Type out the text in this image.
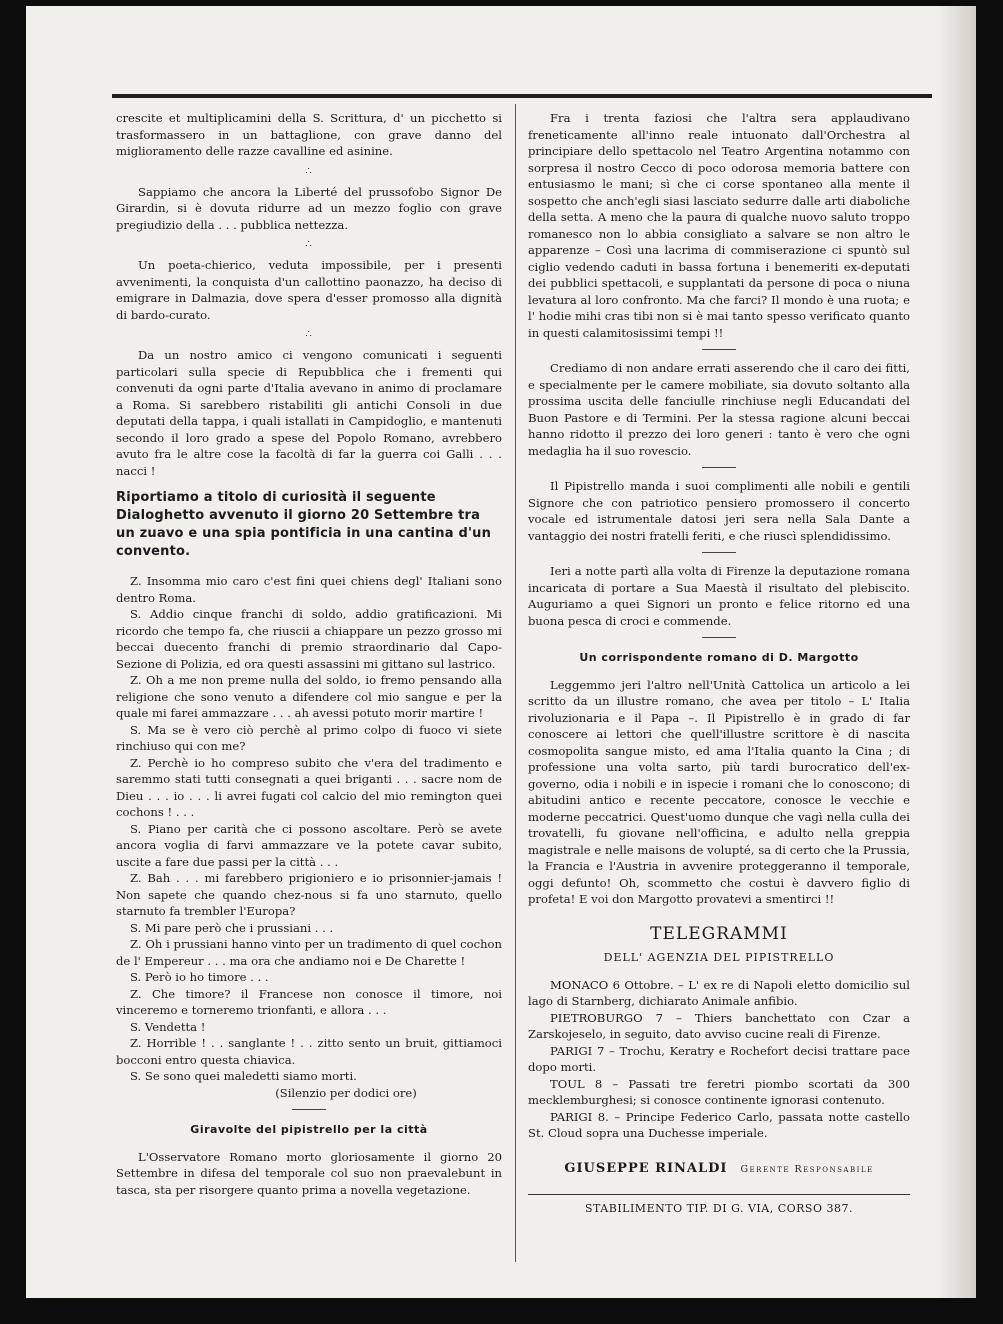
crescite et multiplicamini della S. Scrittura, d' un picchetto si trasformassero in un battaglione, con grave danno del miglioramento delle razze cavalline ed asinine.

∴

Sappiamo che ancora la Liberté del prussofobo Signor De Girardin, si è dovuta ridurre ad un mezzo foglio con grave pregiudizio della . . . pubblica nettezza.

∴

Un poeta-chierico, veduta impossibile, per i presenti avvenimenti, la conquista d'un callottino paonazzo, ha deciso di emigrare in Dalmazia, dove spera d'esser promosso alla dignità di bardo-curato.

∴

Da un nostro amico ci vengono comunicati i seguenti particolari sulla specie di Repubblica che i frementi qui convenuti da ogni parte d'Italia avevano in animo di proclamare a Roma. Si sarebbero ristabiliti gli antichi Consoli in due deputati della tappa, i quali istallati in Campidoglio, e mantenuti secondo il loro grado a spese del Popolo Romano, avrebbero avuto fra le altre cose la facoltà di far la guerra coi Galli . . . nacci !

Riportiamo a titolo di curiosità il seguente Dialoghetto avvenuto il giorno 20 Settembre tra un zuavo e una spia pontificia in una cantina d'un convento.

Z. Insomma mio caro c'est fini quei chiens degl' Italiani sono dentro Roma.

S. Addio cinque franchi di soldo, addio gratificazioni. Mi ricordo che tempo fa, che riuscii a chiappare un pezzo grosso mi beccai duecento franchi di premio straordinario dal Capo-Sezione di Polizia, ed ora questi assassini mi gittano sul lastrico.

Z. Oh a me non preme nulla del soldo, io fremo pensando alla religione che sono venuto a difendere col mio sangue e per la quale mi farei ammazzare . . . ah avessi potuto morir martire !

S. Ma se è vero ciò perchè al primo colpo di fuoco vi siete rinchiuso qui con me?

Z. Perchè io ho compreso subito che v'era del tradimento e saremmo stati tutti consegnati a quei briganti . . . sacre nom de Dieu . . . io . . . li avrei fugati col calcio del mio remington quei cochons ! . . .

S. Piano per carità che ci possono ascoltare. Però se avete ancora voglia di farvi ammazzare ve la potete cavar subito, uscite a fare due passi per la città . . .

Z. Bah . . . mi farebbero prigioniero e io prisonnier-jamais ! Non sapete che quando chez-nous si fa uno starnuto, quello starnuto fa trembler l'Europa?

S. Mi pare però che i prussiani . . .

Z. Oh i prussiani hanno vinto per un tradimento di quel cochon de l' Empereur . . . ma ora che andiamo noi e De Charette !

S. Però io ho timore . . .

Z. Che timore? il Francese non conosce il timore, noi vinceremo e torneremo trionfanti, e allora . . .

S. Vendetta !

Z. Horrible ! . . sanglante ! . . zitto sento un bruit, gittiamoci bocconi entro questa chiavica.

S. Se sono quei maledetti siamo morti.

(Silenzio per dodici ore)

Giravolte del pipistrello per la città

L'Osservatore Romano morto gloriosamente il giorno 20 Settembre in difesa del temporale col suo non praevalebunt in tasca, sta per risorgere quanto prima a novella vegetazione.

Fra i trenta faziosi che l'altra sera applaudivano freneticamente all'inno reale intuonato dall'Orchestra al principiare dello spettacolo nel Teatro Argentina notammo con sorpresa il nostro Cecco di poco odorosa memoria battere con entusiasmo le mani; sì che ci corse spontaneo alla mente il sospetto che anch'egli siasi lasciato sedurre dalle arti diaboliche della setta. A meno che la paura di qualche nuovo saluto troppo romanesco non lo abbia consigliato a salvare se non altro le apparenze – Così una lacrima di commiserazione ci spuntò sul ciglio vedendo caduti in bassa fortuna i benemeriti ex-deputati dei pubblici spettacoli, e supplantati da persone di poca o niuna levatura al loro confronto. Ma che farci? Il mondo è una ruota; e l' hodie mihi cras tibi non si è mai tanto spesso verificato quanto in questi calamitosissimi tempi !!

Crediamo di non andare errati asserendo che il caro dei fitti, e specialmente per le camere mobiliate, sia dovuto soltanto alla prossima uscita delle fanciulle rinchiuse negli Educandati del Buon Pastore e di Termini. Per la stessa ragione alcuni beccai hanno ridotto il prezzo dei loro generi : tanto è vero che ogni medaglia ha il suo rovescio.

Il Pipistrello manda i suoi complimenti alle nobili e gentili Signore che con patriotico pensiero promossero il concerto vocale ed istrumentale datosi jeri sera nella Sala Dante a vantaggio dei nostri fratelli feriti, e che riuscì splendidissimo.

Ieri a notte partì alla volta di Firenze la deputazione romana incaricata di portare a Sua Maestà il risultato del plebiscito. Auguriamo a quei Signori un pronto e felice ritorno ed una buona pesca di croci e commende.

Un corrispondente romano di D. Margotto

Leggemmo jeri l'altro nell'Unità Cattolica un articolo a lei scritto da un illustre romano, che avea per titolo – L' Italia rivoluzionaria e il Papa –. Il Pipistrello è in grado di far conoscere ai lettori che quell'illustre scrittore è di nascita cosmopolita sangue misto, ed ama l'Italia quanto la Cina ; di professione una volta sarto, più tardi burocratico dell'ex-governo, odia i nobili e in ispecie i romani che lo conoscono; di abitudini antico e recente peccatore, conosce le vecchie e moderne peccatrici. Quest'uomo dunque che vagì nella culla dei trovatelli, fu giovane nell'officina, e adulto nella greppia magistrale e nelle maisons de volupté, sa di certo che la Prussia, la Francia e l'Austria in avvenire proteggeranno il temporale, oggi defunto! Oh, scommetto che costui è davvero figlio di profeta! E voi don Margotto provatevi a smentirci !!

TELEGRAMMI
DELL' AGENZIA DEL PIPISTRELLO

MONACO 6 Ottobre. – L' ex re di Napoli eletto domicilio sul lago di Starnberg, dichiarato Animale anfibio.

PIETROBURGO 7 – Thiers banchettato con Czar a Zarskojeselo, in seguito, dato avviso cucine reali di Firenze.

PARIGI 7 – Trochu, Keratry e Rochefort decisi trattare pace dopo morti.

TOUL 8 – Passati tre feretri piombo scortati da 300 mecklemburghesi; si conosce continente ignorasi contenuto.

PARIGI 8. – Principe Federico Carlo, passata notte castello St. Cloud sopra una Duchesse imperiale.

GIUSEPPE RINALDI Gerente Responsabile
STABILIMENTO TIP. DI G. VIA, CORSO 387.
